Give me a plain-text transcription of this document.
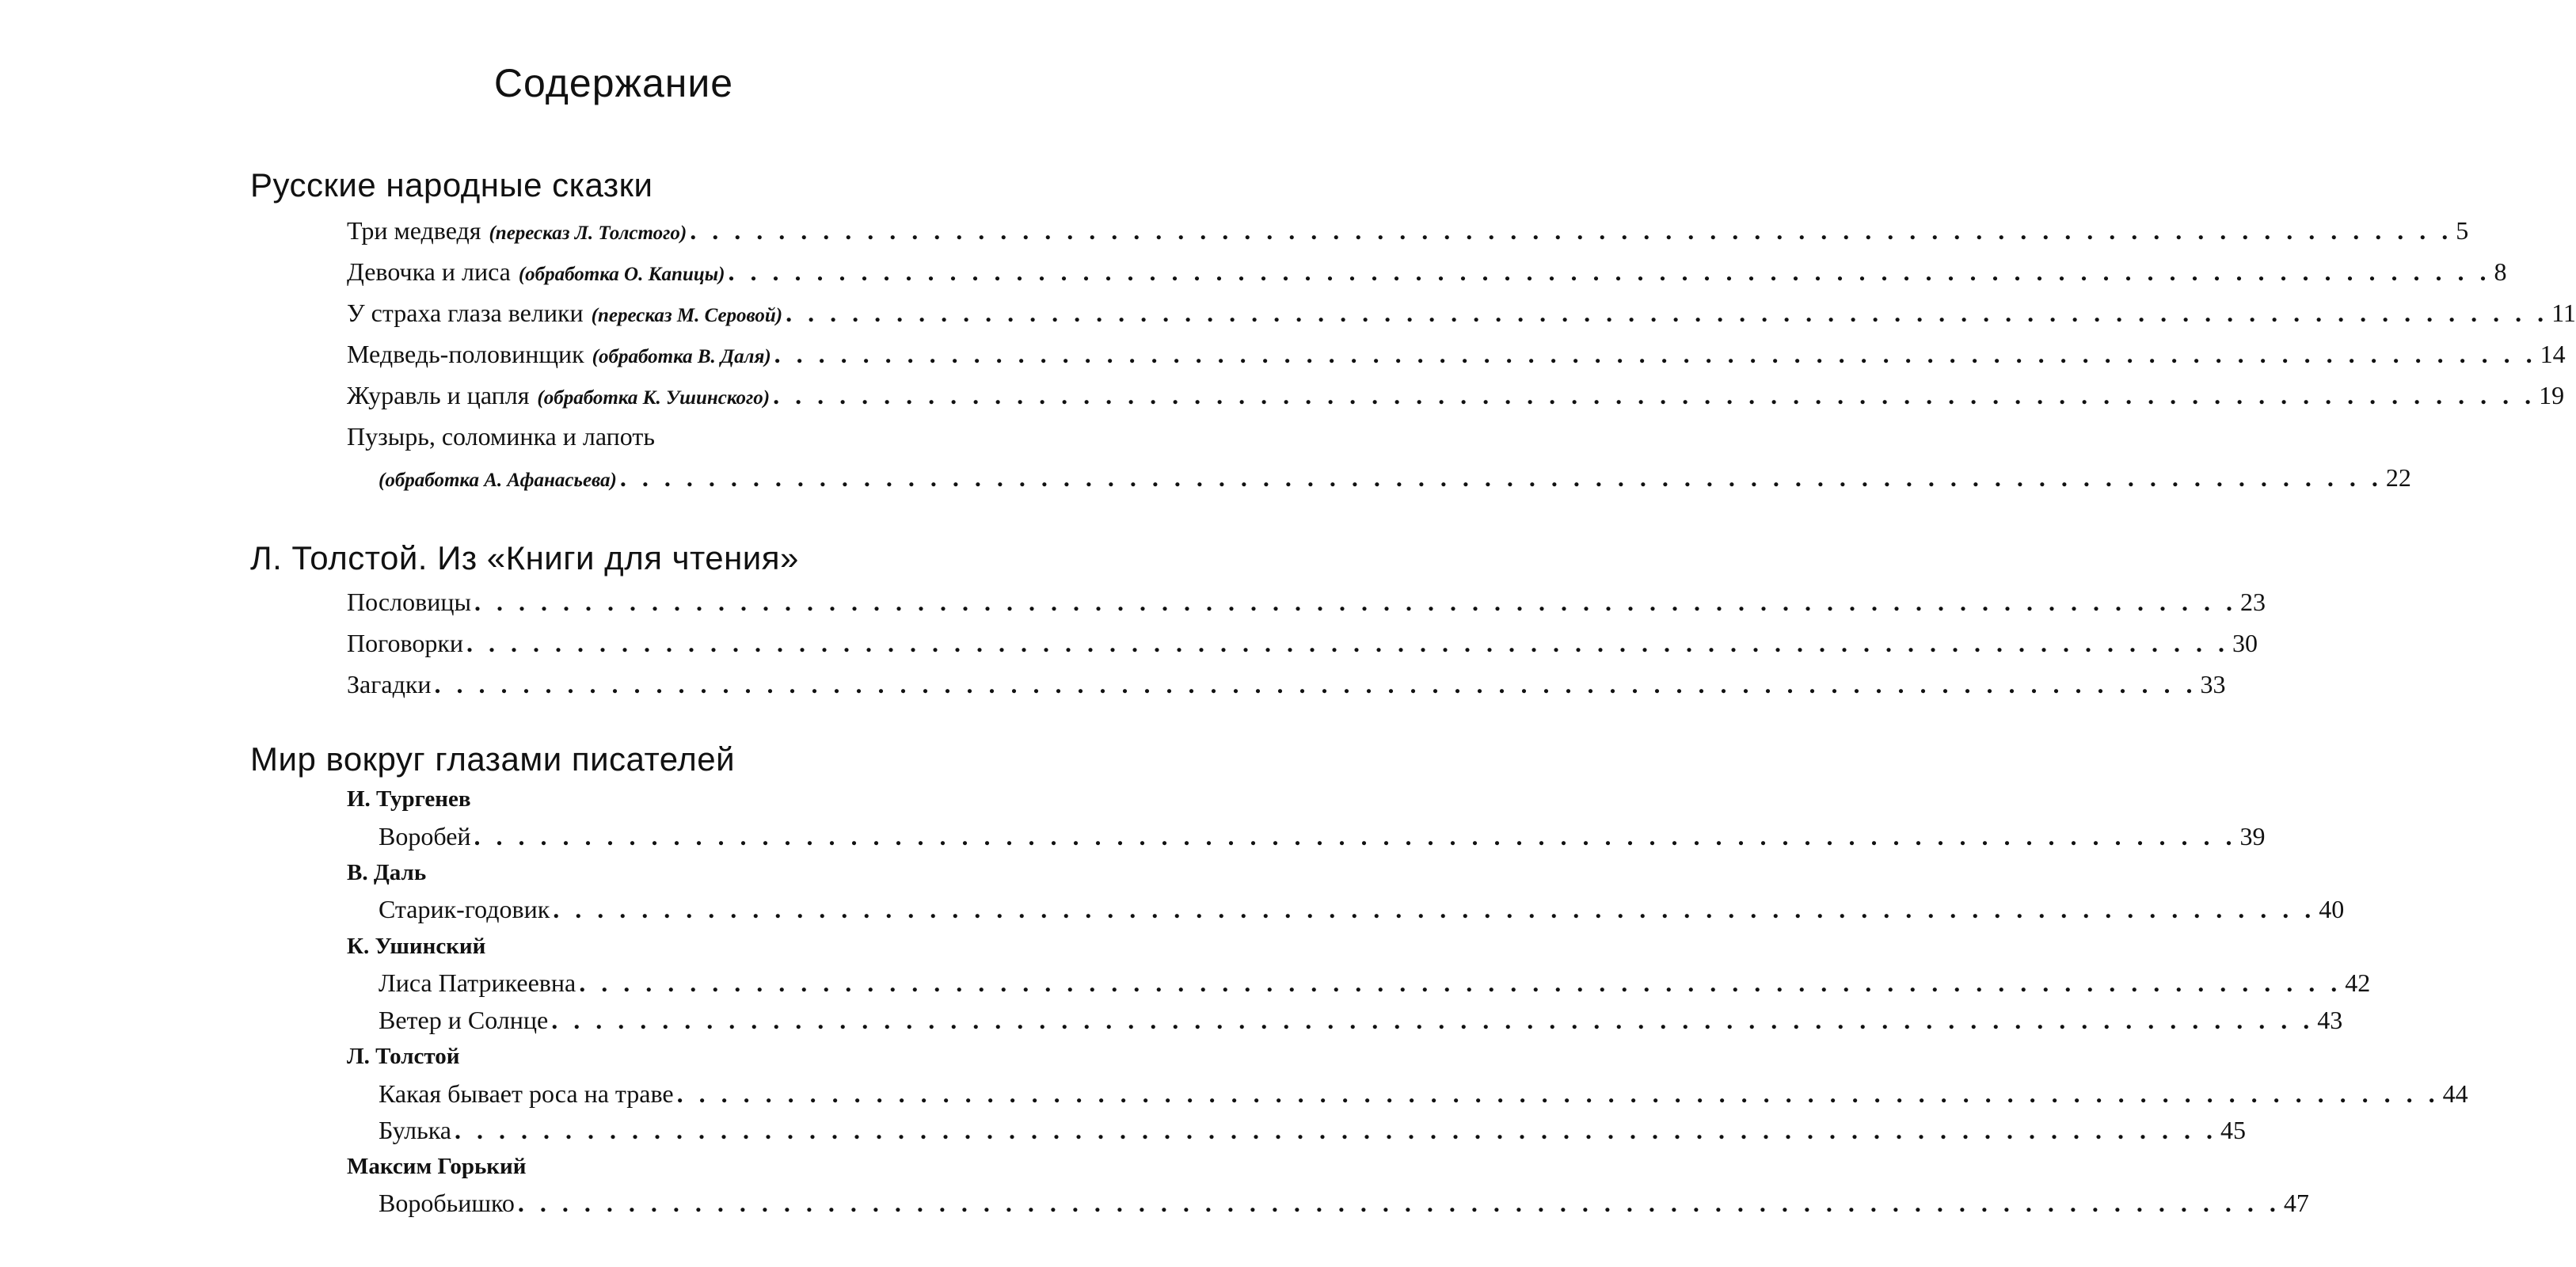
Содержание
Русские народные сказки
Три медведя (пересказ Л. Толстого) . . . . . . . . . . . . . . . . . . . . . . . . . . . . . . . . . . . . . . . . . . . . . . . . . . . . . . . . . . . . . . . . . . . . . . . . . . . . . . . . 5
Девочка и лиса (обработка О. Капицы) . . . . . . . . . . . . . . . . . . . . . . . . . . . . . . . . . . . . . . . . . . . . . . . . . . . . . . . . . . . . . . . . . . . . . . . . . . . . . . . . 8
У страха глаза велики (пересказ М. Серовой) . . . . . . . . . . . . . . . . . . . . . . . . . . . . . . . . . . . . . . . . . . . . . . . . . . . . . . . . . . . . . . . . . . . . . . . . . . . . . . . . 11
Медведь-половинщик (обработка В. Даля) . . . . . . . . . . . . . . . . . . . . . . . . . . . . . . . . . . . . . . . . . . . . . . . . . . . . . . . . . . . . . . . . . . . . . . . . . . . . . . . . 14
Журавль и цапля (обработка К. Ушинского) . . . . . . . . . . . . . . . . . . . . . . . . . . . . . . . . . . . . . . . . . . . . . . . . . . . . . . . . . . . . . . . . . . . . . . . . . . . . . . . . 19
Пузырь, соломинка и лапоть
(обработка А. Афанасьева) . . . . . . . . . . . . . . . . . . . . . . . . . . . . . . . . . . . . . . . . . . . . . . . . . . . . . . . . . . . . . . . . . . . . . . . . . . . . . . . . 22
Л. Толстой. Из «Книги для чтения»
Пословицы . . . . . . . . . . . . . . . . . . . . . . . . . . . . . . . . . . . . . . . . . . . . . . . . . . . . . . . . . . . . . . . . . . . . . . . . . . . . . . . . 23
Поговорки . . . . . . . . . . . . . . . . . . . . . . . . . . . . . . . . . . . . . . . . . . . . . . . . . . . . . . . . . . . . . . . . . . . . . . . . . . . . . . . . 30
Загадки . . . . . . . . . . . . . . . . . . . . . . . . . . . . . . . . . . . . . . . . . . . . . . . . . . . . . . . . . . . . . . . . . . . . . . . . . . . . . . . . 33
Мир вокруг глазами писателей
И. Тургенев
Воробей . . . . . . . . . . . . . . . . . . . . . . . . . . . . . . . . . . . . . . . . . . . . . . . . . . . . . . . . . . . . . . . . . . . . . . . . . . . . . . . . 39
В. Даль
Старик-годовик . . . . . . . . . . . . . . . . . . . . . . . . . . . . . . . . . . . . . . . . . . . . . . . . . . . . . . . . . . . . . . . . . . . . . . . . . . . . . . . . 40
К. Ушинский
Лиса Патрикеевна . . . . . . . . . . . . . . . . . . . . . . . . . . . . . . . . . . . . . . . . . . . . . . . . . . . . . . . . . . . . . . . . . . . . . . . . . . . . . . . . 42
Ветер и Солнце . . . . . . . . . . . . . . . . . . . . . . . . . . . . . . . . . . . . . . . . . . . . . . . . . . . . . . . . . . . . . . . . . . . . . . . . . . . . . . . . 43
Л. Толстой
Какая бывает роса на траве . . . . . . . . . . . . . . . . . . . . . . . . . . . . . . . . . . . . . . . . . . . . . . . . . . . . . . . . . . . . . . . . . . . . . . . . . . . . . . . . 44
Булька . . . . . . . . . . . . . . . . . . . . . . . . . . . . . . . . . . . . . . . . . . . . . . . . . . . . . . . . . . . . . . . . . . . . . . . . . . . . . . . . 45
Максим Горький
Воробьишко . . . . . . . . . . . . . . . . . . . . . . . . . . . . . . . . . . . . . . . . . . . . . . . . . . . . . . . . . . . . . . . . . . . . . . . . . . . . . . . . 47
